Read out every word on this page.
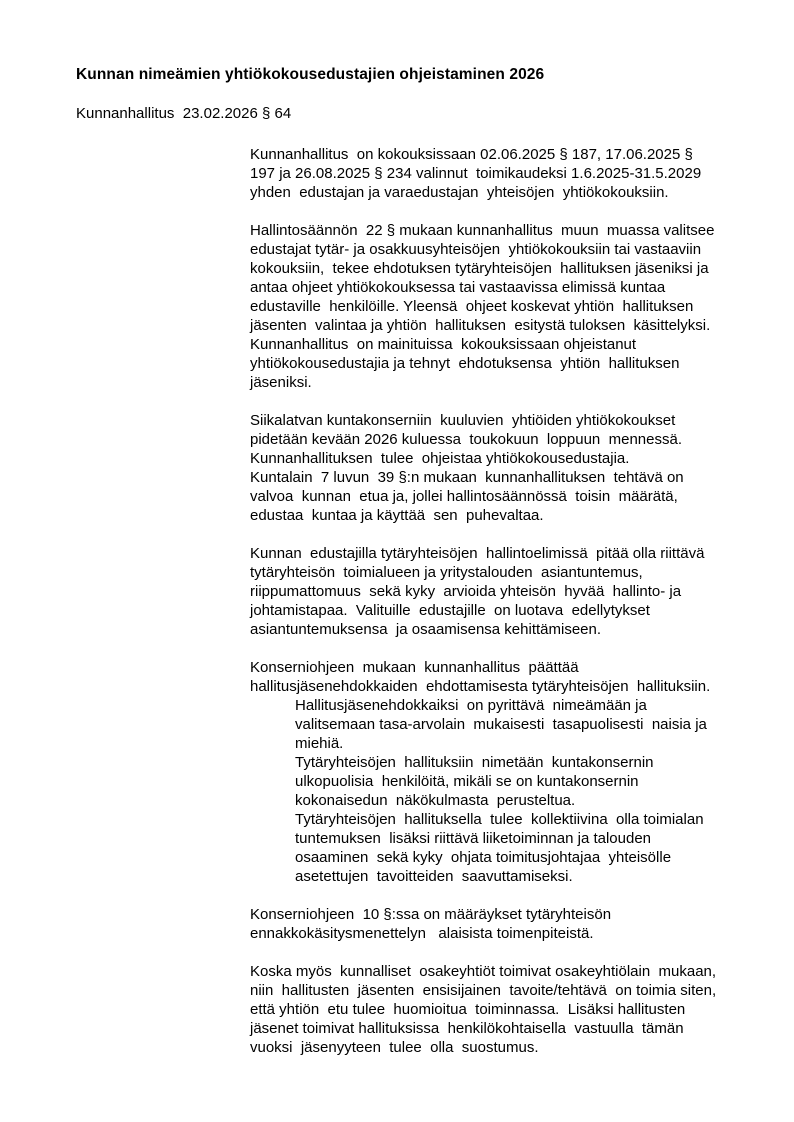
Kunnan nimeämien yhtiökokousedustajien ohjeistaminen 2026
Kunnanhallitus  23.02.2026 § 64
Kunnanhallitus  on kokouksissaan 02.06.2025 § 187, 17.06.2025 §
197 ja 26.08.2025 § 234 valinnut  toimikaudeksi 1.6.2025-31.5.2029
yhden  edustajan ja varaedustajan  yhteisöjen  yhtiökokouksiin.
Hallintosäännön  22 § mukaan kunnanhallitus  muun  muassa valitsee
edustajat tytär- ja osakkuusyhteisöjen  yhtiökokouksiin tai vastaaviin
kokouksiin,  tekee ehdotuksen tytäryhteisöjen  hallituksen jäseniksi ja
antaa ohjeet yhtiökokouksessa tai vastaavissa elimissä kuntaa
edustaville  henkilöille. Yleensä  ohjeet koskevat yhtiön  hallituksen
jäsenten  valintaa ja yhtiön  hallituksen  esitystä tuloksen  käsittelyksi.
Kunnanhallitus  on mainituissa  kokouksissaan ohjeistanut
yhtiökokousedustajia ja tehnyt  ehdotuksensa  yhtiön  hallituksen
jäseniksi.
Siikalatvan kuntakonserniin  kuuluvien  yhtiöiden yhtiökokoukset
pidetään kevään 2026 kuluessa  toukokuun  loppuun  mennessä.
Kunnanhallituksen  tulee  ohjeistaa yhtiökokousedustajia.
Kuntalain  7 luvun  39 §:n mukaan  kunnanhallituksen  tehtävä on
valvoa  kunnan  etua ja, jollei hallintosäännössä  toisin  määrätä,
edustaa  kuntaa ja käyttää  sen  puhevaltaa.
Kunnan  edustajilla tytäryhteisöjen  hallintoelimissä  pitää olla riittävä
tytäryhteisön  toimialueen ja yritystalouden  asiantuntemus,
riippumattomuus  sekä kyky  arvioida yhteisön  hyvää  hallinto- ja
johtamistapaa.  Valituille  edustajille  on luotava  edellytykset
asiantuntemuksensa  ja osaamisensa kehittämiseen.
Konserniohjeen  mukaan  kunnanhallitus  päättää
hallitusjäsenehdokkaiden  ehdottamisesta tytäryhteisöjen  hallituksiin.
Hallitusjäsenehdokkaiksi  on pyrittävä  nimeämään ja
valitsemaan tasa-arvolain  mukaisesti  tasapuolisesti  naisia ja
miehiä.
Tytäryhteisöjen  hallituksiin  nimetään  kuntakonsernin
ulkopuolisia  henkilöitä, mikäli se on kuntakonsernin
kokonaisedun  näkökulmasta  perusteltua.
Tytäryhteisöjen  hallituksella  tulee  kollektiivina  olla toimialan
tuntemuksen  lisäksi riittävä liiketoiminnan ja talouden
osaaminen  sekä kyky  ohjata toimitusjohtajaa  yhteisölle
asetettujen  tavoitteiden  saavuttamiseksi.
Konserniohjeen  10 §:ssa on määräykset tytäryhteisön
ennakkokäsitysmenettelyn   alaisista toimenpiteistä.
Koska myös  kunnalliset  osakeyhtiöt toimivat osakeyhtiölain  mukaan,
niin  hallitusten  jäsenten  ensisijainen  tavoite/tehtävä  on toimia siten,
että yhtiön  etu tulee  huomioitua  toiminnassa.  Lisäksi hallitusten
jäsenet toimivat hallituksissa  henkilökohtaisella  vastuulla  tämän
vuoksi  jäsenyyteen  tulee  olla  suostumus.
